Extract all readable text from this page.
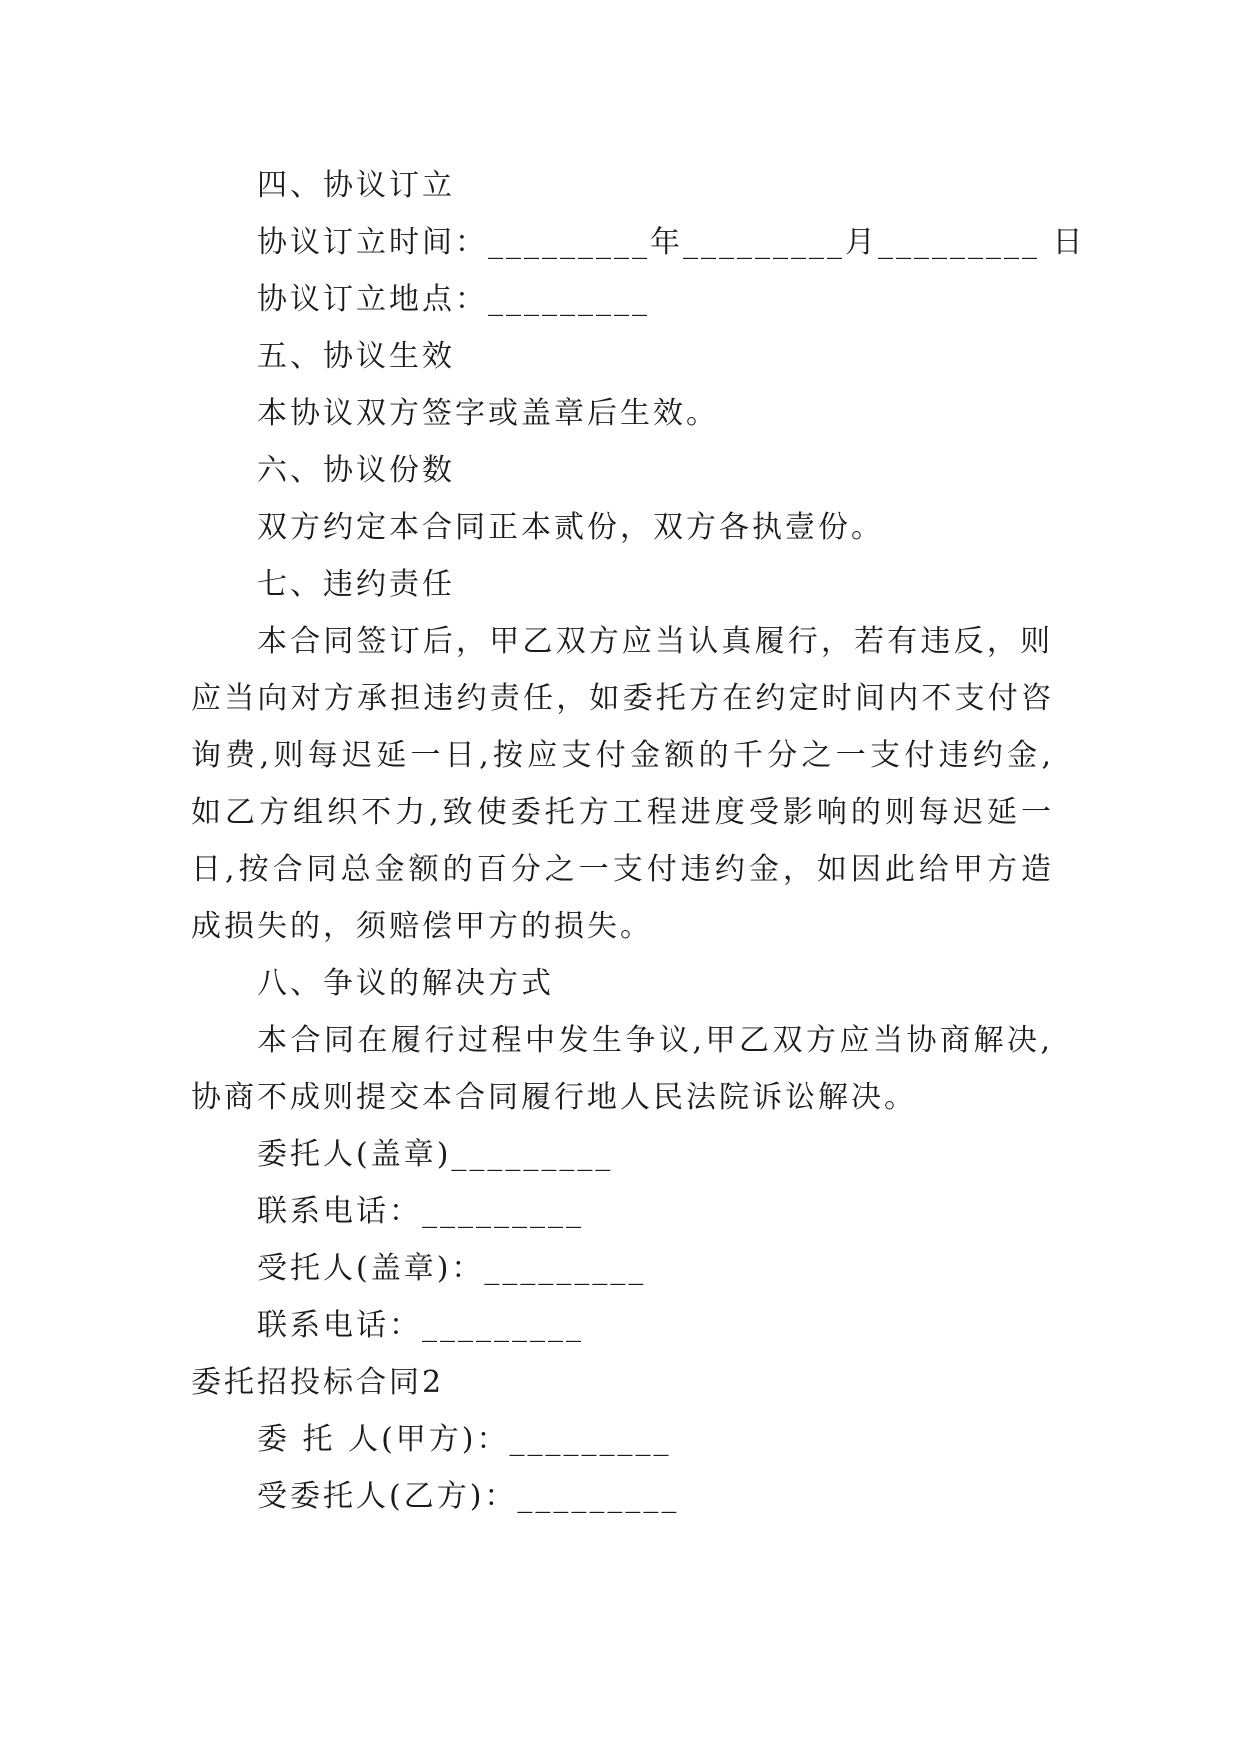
四、协议订立
协议订立时间：_________年_________月_________ 日
协议订立地点：_________
五、协议生效
本协议双方签字或盖章后生效。
六、协议份数
双方约定本合同正本贰份，双方各执壹份。
七、违约责任
本合同签订后，甲乙双方应当认真履行，若有违反，则
应当向对方承担违约责任，如委托方在约定时间内不支付咨
询费,则每迟延一日,按应支付金额的千分之一支付违约金,
如乙方组织不力,致使委托方工程进度受影响的则每迟延一
日,按合同总金额的百分之一支付违约金，如因此给甲方造
成损失的，须赔偿甲方的损失。
八、争议的解决方式
本合同在履行过程中发生争议,甲乙双方应当协商解决,
协商不成则提交本合同履行地人民法院诉讼解决。
委托人(盖章)_________
联系电话：_________
受托人(盖章)：_________
联系电话：_________
委托招投标合同2
委 托 人(甲方)：_________
受委托人(乙方)：_________
